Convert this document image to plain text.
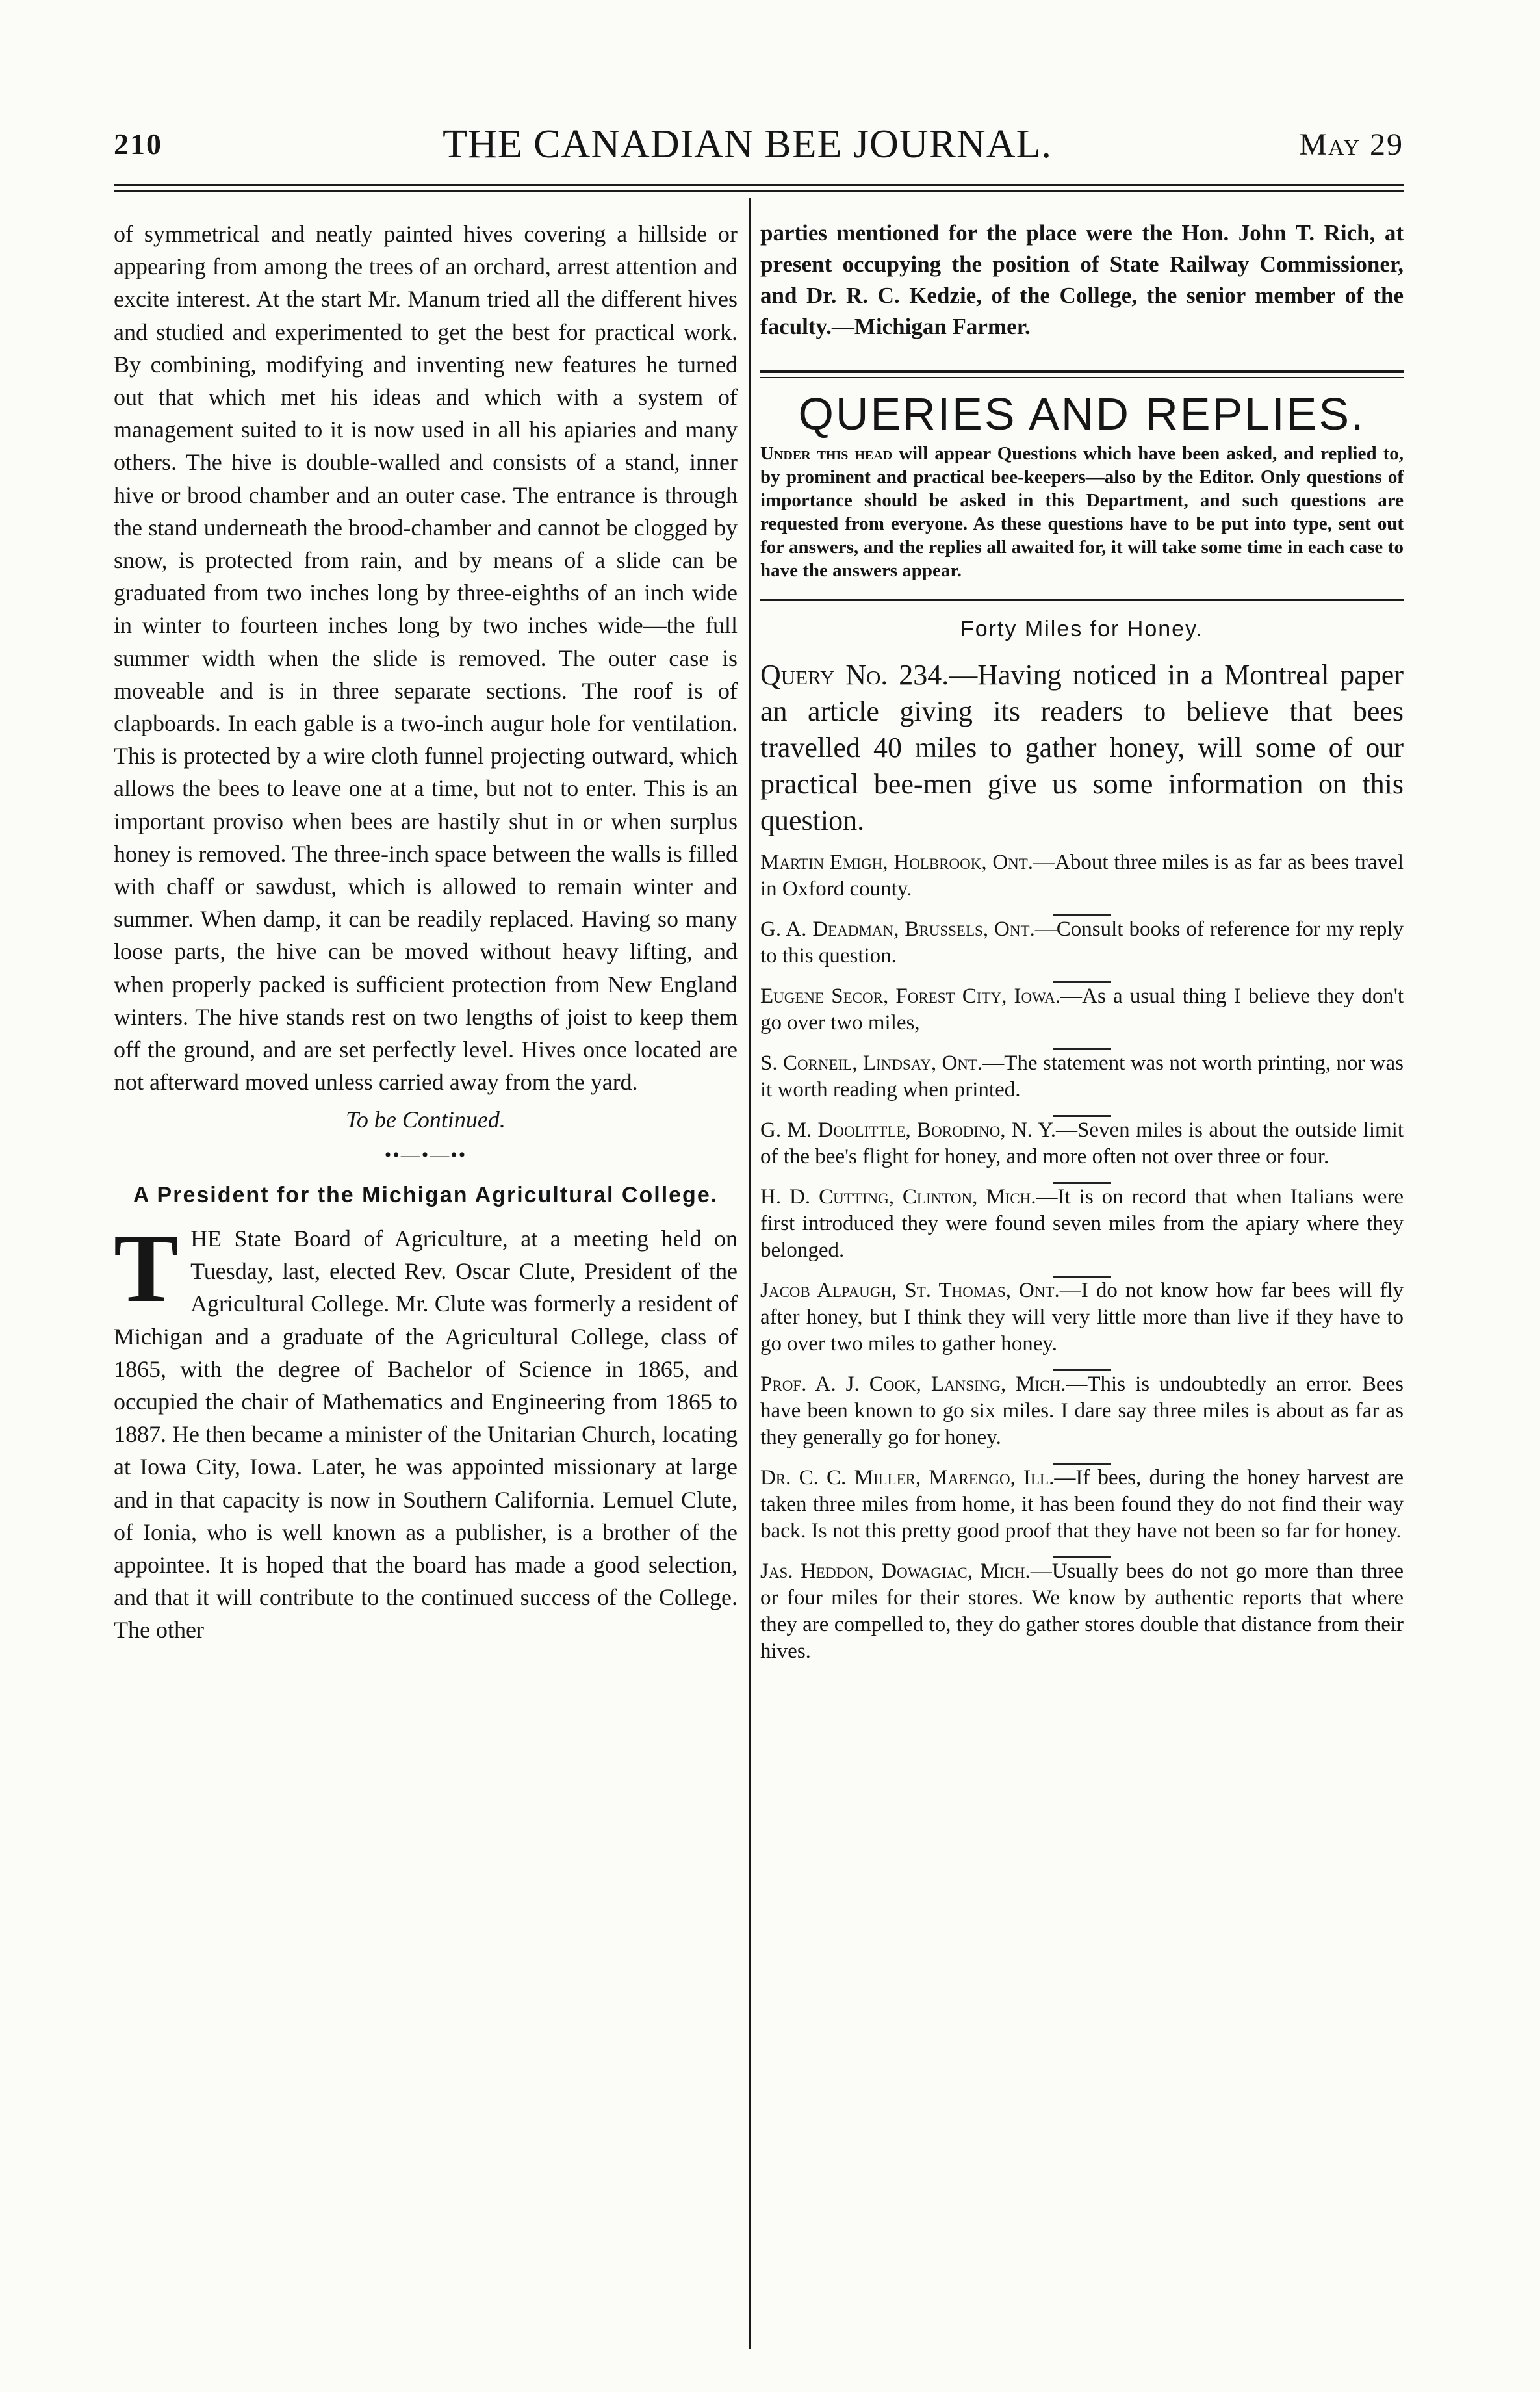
210	THE CANADIAN BEE JOURNAL.	May 29

of symmetrical and neatly painted hives covering a hillside or appearing from among the trees of an orchard, arrest attention and excite interest. At the start Mr. Manum tried all the different hives and studied and experimented to get the best for practical work. By combining, modifying and inventing new features he turned out that which met his ideas and which with a system of management suited to it is now used in all his apiaries and many others. The hive is double-walled and consists of a stand, inner hive or brood chamber and an outer case. The entrance is through the stand underneath the brood-chamber and cannot be clogged by snow, is protected from rain, and by means of a slide can be graduated from two inches long by three-eighths of an inch wide in winter to fourteen inches long by two inches wide—the full summer width when the slide is removed. The outer case is moveable and is in three separate sections. The roof is of clapboards. In each gable is a two-inch augur hole for ventilation. This is protected by a wire cloth funnel projecting outward, which allows the bees to leave one at a time, but not to enter. This is an important proviso when bees are hastily shut in or when surplus honey is removed. The three-inch space between the walls is filled with chaff or sawdust, which is allowed to remain winter and summer. When damp, it can be readily replaced. Having so many loose parts, the hive can be moved without heavy lifting, and when properly packed is sufficient protection from New England winters. The hive stands rest on two lengths of joist to keep them off the ground, and are set perfectly level. Hives once located are not afterward moved unless carried away from the yard.

To be Continued.

••—•—••

A President for the Michigan Agricultural College.

THE State Board of Agriculture, at a meeting held on Tuesday, last, elected Rev. Oscar Clute, President of the Agricultural College. Mr. Clute was formerly a resident of Michigan and a graduate of the Agricultural College, class of 1865, with the degree of Bachelor of Science in 1865, and occupied the chair of Mathematics and Engineering from 1865 to 1887. He then became a minister of the Unitarian Church, locating at Iowa City, Iowa. Later, he was appointed missionary at large and in that capacity is now in Southern California. Lemuel Clute, of Ionia, who is well known as a publisher, is a brother of the appointee. It is hoped that the board has made a good selection, and that it will contribute to the continued success of the College. The other

parties mentioned for the place were the Hon. John T. Rich, at present occupying the position of State Railway Commissioner, and Dr. R. C. Kedzie, of the College, the senior member of the faculty.—Michigan Farmer.

QUERIES AND REPLIES.

Under this head will appear Questions which have been asked, and replied to, by prominent and practical bee-keepers—also by the Editor. Only questions of importance should be asked in this Department, and such questions are requested from everyone. As these questions have to be put into type, sent out for answers, and the replies all awaited for, it will take some time in each case to have the answers appear.

Forty Miles for Honey.

Query No. 234.—Having noticed in a Montreal paper an article giving its readers to believe that bees travelled 40 miles to gather honey, will some of our practical bee-men give us some information on this question.

Martin Emigh, Holbrook, Ont.—About three miles is as far as bees travel in Oxford county.

G. A. Deadman, Brussels, Ont.—Consult books of reference for my reply to this question.

Eugene Secor, Forest City, Iowa.—As a usual thing I believe they don't go over two miles,

S. Corneil, Lindsay, Ont.—The statement was not worth printing, nor was it worth reading when printed.

G. M. Doolittle, Borodino, N. Y.—Seven miles is about the outside limit of the bee's flight for honey, and more often not over three or four.

H. D. Cutting, Clinton, Mich.—It is on record that when Italians were first introduced they were found seven miles from the apiary where they belonged.

Jacob Alpaugh, St. Thomas, Ont.—I do not know how far bees will fly after honey, but I think they will very little more than live if they have to go over two miles to gather honey.

Prof. A. J. Cook, Lansing, Mich.—This is undoubtedly an error. Bees have been known to go six miles. I dare say three miles is about as far as they generally go for honey.

Dr. C. C. Miller, Marengo, Ill.—If bees, during the honey harvest are taken three miles from home, it has been found they do not find their way back. Is not this pretty good proof that they have not been so far for honey.

Jas. Heddon, Dowagiac, Mich.—Usually bees do not go more than three or four miles for their stores. We know by authentic reports that where they are compelled to, they do gather stores double that distance from their hives.
